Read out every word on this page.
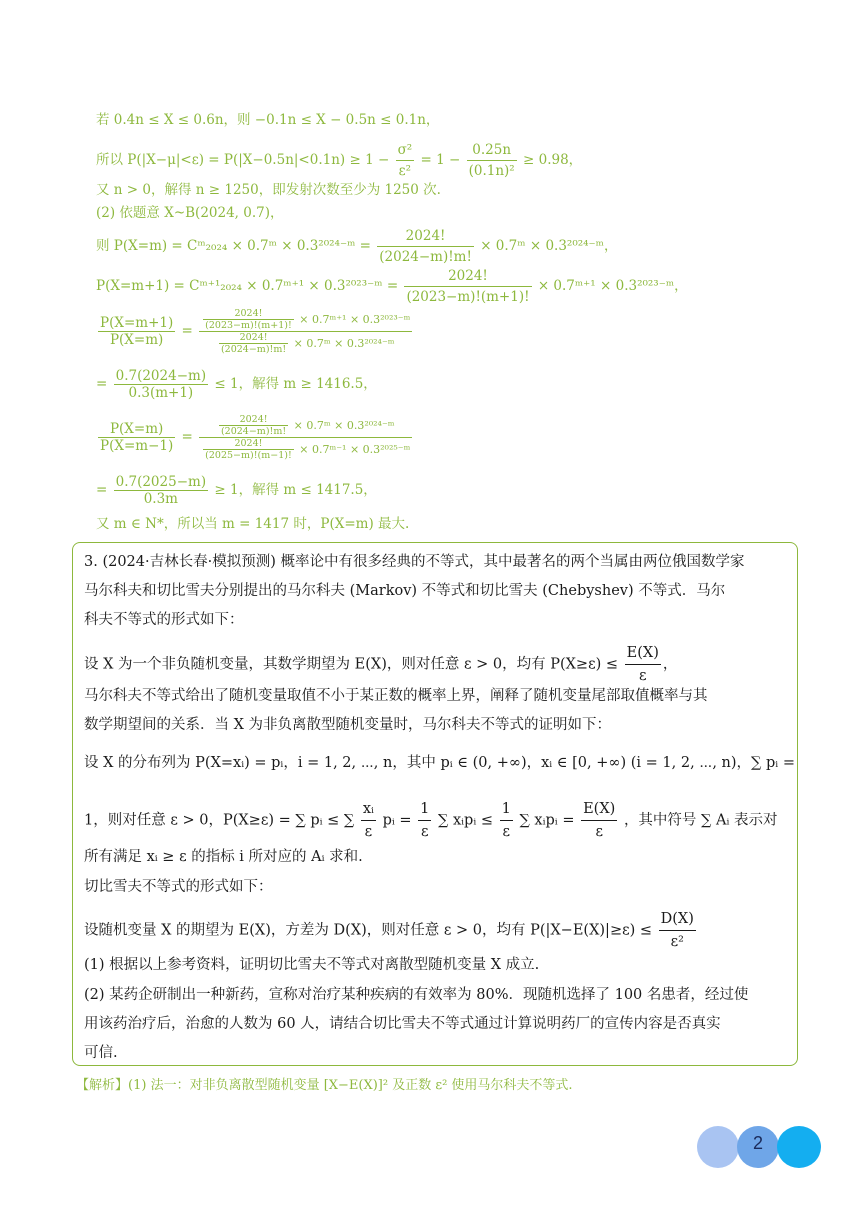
若 0.4n ≤ X ≤ 0.6n，则 −0.1n ≤ X − 0.5n ≤ 0.1n，
所以 $P(|X-\mu|<\varepsilon) = P(|X-0.5n|<0.1n) \ge 1 - \frac{\text{σ²}}{\text{ε²}} = 1 - \frac{0.25n}{\text{(0.1n)²}} \ge 0.98$，
又 n > 0，解得 n ≥ 1250，即发射次数至少为 1250 次.
(2) 依题意 X~B(2024, 0.7)，
则 P(X=m) = Cᵐ₂₀₂₄ × 0.7ᵐ × 0.3²⁰²⁴⁻ᵐ = $\frac{2024!}{(2024-m)!m!}$ × 0.7ᵐ × 0.3²⁰²⁴⁻ᵐ，
P(X=m+1) = Cᵐ⁺¹₂₀₂₄ × 0.7ᵐ⁺¹ × 0.3²⁰²³⁻ᵐ = $\frac{2024!}{(2023-m)!(m+1)!}$ × 0.7ᵐ⁺¹ × 0.3²⁰²³⁻ᵐ，
$\frac{P(X=m+1)}{P(X=m)} = \frac{\frac{2024!}{(2023-m)!(m+1)!} \times 0.7ᵐ^{+1} \times 0.3^{2023-}ᵐ}{\frac{2024!}{(2024-m)!m!} \times 0.7ᵐ \times 0.3^{2024-}ᵐ}$
= $\frac{0.7(2024-m)}{0.3(m+1)} \le 1$，解得 m ≥ 1416.5，
$\frac{P(X=m)}{P(X=m-1)} = \frac{\frac{2024!}{(2024-m)!m!} \times 0.7ᵐ \times 0.3^{2024-}ᵐ}{\frac{2024!}{(2025-m)!(m-1)!} \times 0.7ᵐ^{-1} \times 0.3^{2025-}ᵐ}$
= $\frac{0.7(2025-m)}{0.3m} \ge 1$，解得 m ≤ 1417.5，
又 m ∈ N*，所以当 m = 1417 时，P(X=m) 最大.
3. (2024·吉林长春·模拟预测) 概率论中有很多经典的不等式，其中最著名的两个当属由两位俄国数学家
马尔科夫和切比雪夫分别提出的马尔科夫 (Markov) 不等式和切比雪夫 (Chebyshev) 不等式．马尔
科夫不等式的形式如下：
设 X 为一个非负随机变量，其数学期望为 E(X)，则对任意 ε > 0，均有 $P(X\ge\varepsilon) \le \frac{E(X)}{\varepsilon}$ ，
马尔科夫不等式给出了随机变量取值不小于某正数的概率上界，阐释了随机变量尾部取值概率与其
数学期望间的关系．当 X 为非负离散型随机变量时，马尔科夫不等式的证明如下：
设 X 的分布列为 P(X=xᵢ) = pᵢ，i = 1, 2, ⋯, n，其中 pᵢ ∈ (0, +∞)，xᵢ ∈ [0, +∞) (i = 1, 2, ⋯, n)，∑ pᵢ =
1，则对任意 ε > 0，P(X≥ε) = ∑ pᵢ ≤ ∑ $\frac{\text{xᵢ}}{\varepsilon}$ pᵢ = $\frac{1}{\varepsilon}$ ∑ xᵢpᵢ ≤ $\frac{1}{\varepsilon}$ ∑ xᵢpᵢ = $\frac{E(X)}{\varepsilon}$ ，其中符号 ∑ Aᵢ 表示对
所有满足 xᵢ ≥ ε 的指标 i 所对应的 Aᵢ 求和.
切比雪夫不等式的形式如下：
设随机变量 X 的期望为 E(X)，方差为 D(X)，则对任意 ε > 0，均有 $P(|X-E(X)|\ge\varepsilon) \le \frac{D(X)}{\text{ε²}}$
(1) 根据以上参考资料，证明切比雪夫不等式对离散型随机变量 X 成立.
(2) 某药企研制出一种新药，宣称对治疗某种疾病的有效率为 80%．现随机选择了 100 名患者，经过使
用该药治疗后，治愈的人数为 60 人，请结合切比雪夫不等式通过计算说明药厂的宣传内容是否真实
可信.
【解析】(1) 法一：对非负离散型随机变量 [X−E(X)]² 及正数 ε² 使用马尔科夫不等式.
2
